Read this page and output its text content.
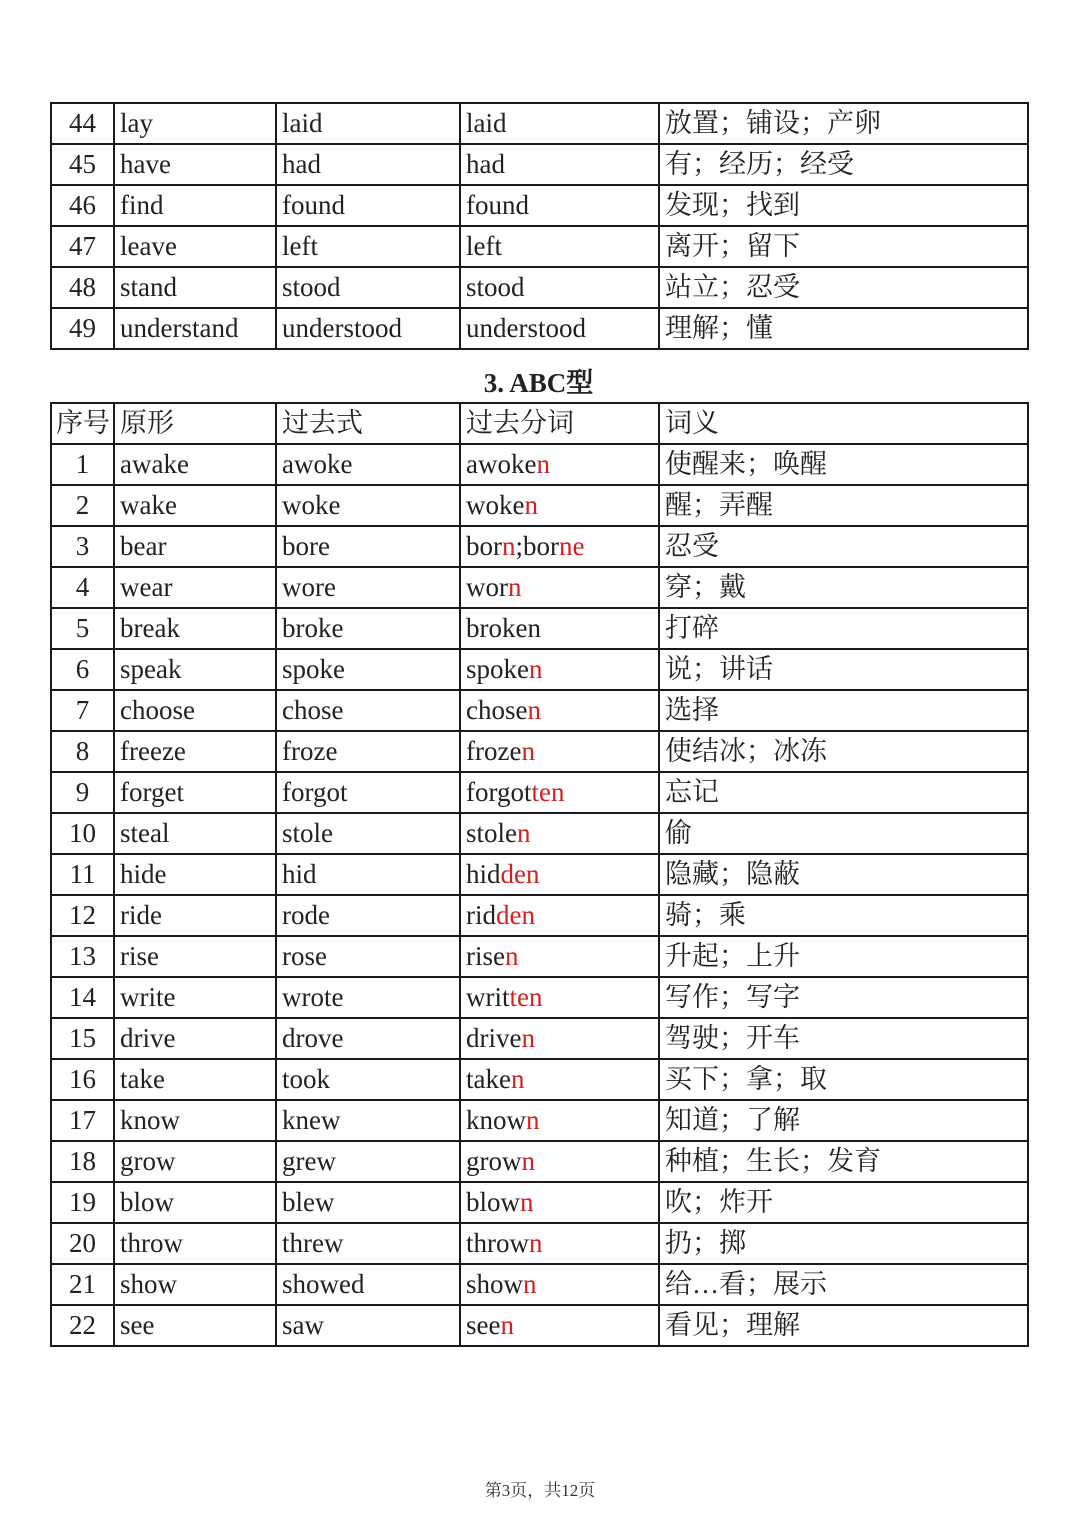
44	lay	laid	laid	放置；铺设；产卵
45	have	had	had	有；经历；经受
46	find	found	found	发现；找到
47	leave	left	left	离开；留下
48	stand	stood	stood	站立；忍受
49	understand	understood	understood	理解；懂
3. ABC型
序号	原形	过去式	过去分词	词义
1	awake	awoke	awoken	使醒来；唤醒
2	wake	woke	woken	醒；弄醒
3	bear	bore	born;borne	忍受
4	wear	wore	worn	穿；戴
5	break	broke	broken	打碎
6	speak	spoke	spoken	说；讲话
7	choose	chose	chosen	选择
8	freeze	froze	frozen	使结冰；冰冻
9	forget	forgot	forgotten	忘记
10	steal	stole	stolen	偷
11	hide	hid	hidden	隐藏；隐蔽
12	ride	rode	ridden	骑；乘
13	rise	rose	risen	升起；上升
14	write	wrote	written	写作；写字
15	drive	drove	driven	驾驶；开车
16	take	took	taken	买下；拿；取
17	know	knew	known	知道；了解
18	grow	grew	grown	种植；生长；发育
19	blow	blew	blown	吹；炸开
20	throw	threw	thrown	扔；掷
21	show	showed	shown	给…看；展示
22	see	saw	seen	看见；理解
第3页，共12页
